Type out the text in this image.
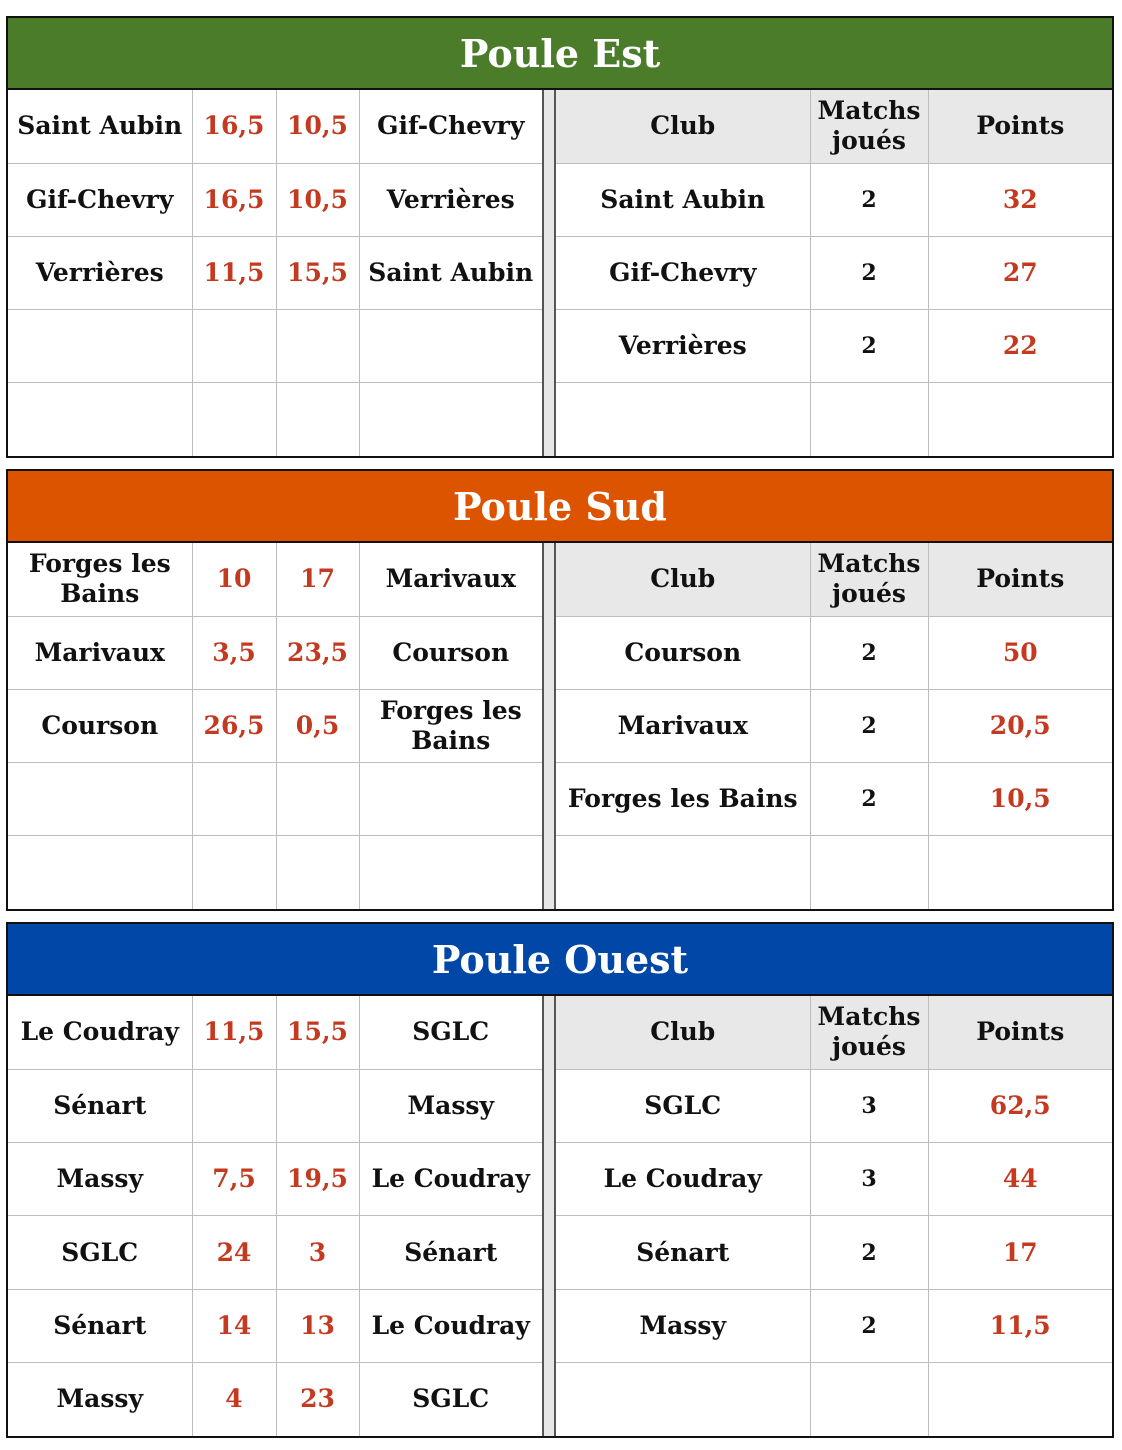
Poule Est
Saint Aubin	16,5	10,5	Gif-Chevry
Gif-Chevry	16,5	10,5	Verrières
Verrières	11,5	15,5	Saint Aubin

Club	Matchs joués	Points
Saint Aubin	2	32
Gif-Chevry	2	27
Verrières	2	22

Poule Sud
Forges les Bains	10	17	Marivaux
Marivaux	3,5	23,5	Courson
Courson	26,5	0,5	Forges les Bains

Club	Matchs joués	Points
Courson	2	50
Marivaux	2	20,5
Forges les Bains	2	10,5

Poule Ouest
Le Coudray	11,5	15,5	SGLC
Sénart			Massy
Massy	7,5	19,5	Le Coudray
SGLC	24	3	Sénart
Sénart	14	13	Le Coudray
Massy	4	23	SGLC
Club	Matchs joués	Points
SGLC	3	62,5
Le Coudray	3	44
Sénart	2	17
Massy	2	11,5
